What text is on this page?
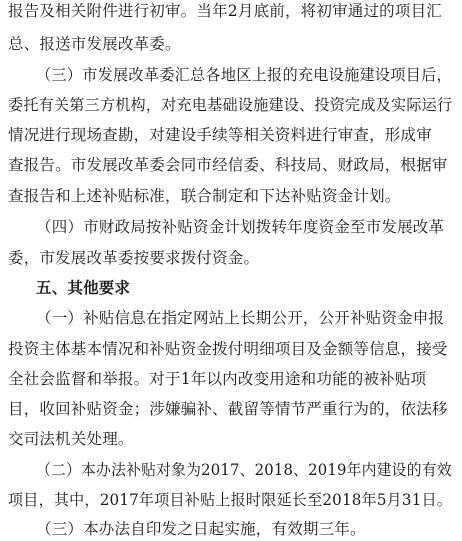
报告及相关附件进行初审。当年2月底前，将初审通过的项目汇
总、报送市发展改革委。
（三）市发展改革委汇总各地区上报的充电设施建设项目后，
委托有关第三方机构，对充电基础设施建设、投资完成及实际运行
情况进行现场查勘，对建设手续等相关资料进行审查，形成审
查报告。市发展改革委会同市经信委、科技局、财政局，根据审
查报告和上述补贴标准，联合制定和下达补贴资金计划。
（四）市财政局按补贴资金计划拨转年度资金至市发展改革
委，市发展改革委按要求拨付资金。
五、其他要求
（一）补贴信息在指定网站上长期公开，公开补贴资金申报
投资主体基本情况和补贴资金拨付明细项目及金额等信息，接受
全社会监督和举报。对于1年以内改变用途和功能的被补贴项
目，收回补贴资金；涉嫌骗补、截留等情节严重行为的，依法移
交司法机关处理。
（二）本办法补贴对象为2017、2018、2019年内建设的有效
项目，其中，2017年项目补贴上报时限延长至2018年5月31日。
（三）本办法自印发之日起实施，有效期三年。
